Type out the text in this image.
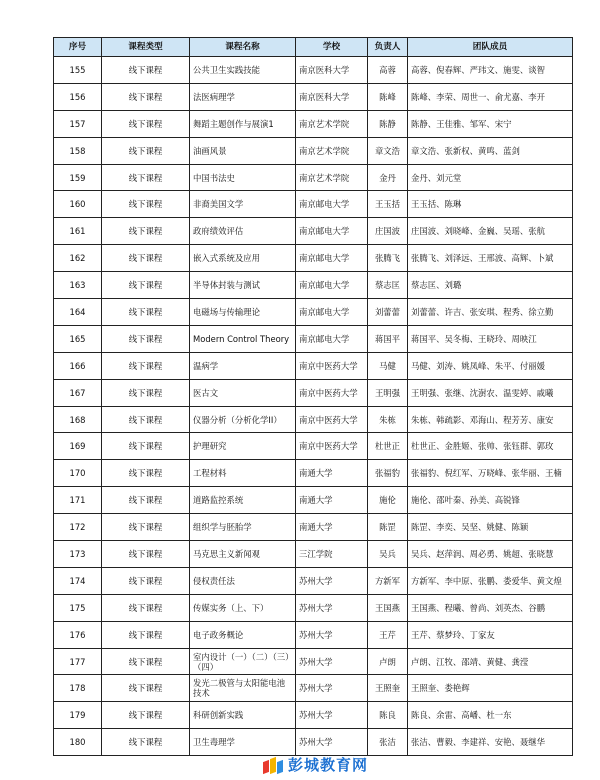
序号	课程类型	课程名称	学校	负责人	团队成员
155	线下课程	公共卫生实践技能	南京医科大学	高蓉	高蓉、倪春辉、严玮文、施雯、谈智
156	线下课程	法医病理学	南京医科大学	陈峰	陈峰、李荣、周世一、俞尤嘉、李开
157	线下课程	舞蹈主题创作与展演1	南京艺术学院	陈静	陈静、王佳雅、邹军、宋宁
158	线下课程	油画风景	南京艺术学院	章文浩	章文浩、张新权、黄鸣、蓝剑
159	线下课程	中国书法史	南京艺术学院	金丹	金丹、刘元堂
160	线下课程	非裔美国文学	南京邮电大学	王玉括	王玉括、陈琳
161	线下课程	政府绩效评估	南京邮电大学	庄国波	庄国波、刘晓峰、金巍、吴瑶、张航
162	线下课程	嵌入式系统及应用	南京邮电大学	张腾飞	张腾飞、刘泽远、王邢波、高辉、卜斌
163	线下课程	半导体封装与测试	南京邮电大学	蔡志匡	蔡志匡、刘璐
164	线下课程	电磁场与传输理论	南京邮电大学	刘蕾蕾	刘蕾蕾、许吉、张安琪、程秀、徐立勤
165	线下课程	Modern Control Theory	南京邮电大学	蒋国平	蒋国平、吴冬梅、王晓玲、周映江
166	线下课程	温病学	南京中医药大学	马健	马健、刘涛、姚凤峰、朱平、付丽媛
167	线下课程	医古文	南京中医药大学	王明强	王明强、张继、沈澍农、温雯婷、戚曦
168	线下课程	仪器分析（分析化学II）	南京中医药大学	朱栋	朱栋、韩疏影、邓海山、程芳芳、康安
169	线下课程	护理研究	南京中医药大学	杜世正	杜世正、金胜姬、张帅、张钰群、郭玫
170	线下课程	工程材料	南通大学	张福豹	张福豹、倪红军、万晓峰、张华丽、王楠
171	线下课程	道路监控系统	南通大学	施伦	施伦、邵叶秦、孙美、高锐锋
172	线下课程	组织学与胚胎学	南通大学	陈罡	陈罡、李奕、吴坚、姚健、陈颖
173	线下课程	马克思主义新闻观	三江学院	吴兵	吴兵、赵萍润、周必勇、姚超、张晓慧
174	线下课程	侵权责任法	苏州大学	方新军	方新军、李中原、张鹏、娄爱华、黄文煌
175	线下课程	传媒实务（上、下）	苏州大学	王国燕	王国燕、程曦、曾尚、刘英杰、谷鹏
176	线下课程	电子政务概论	苏州大学	王芹	王芹、蔡梦玲、丁家友
177	线下课程	室内设计（一）（二）（三）（四）	苏州大学	卢朗	卢朗、江牧、邵靖、黄健、龚滢
178	线下课程	发光二极管与太阳能电池技术	苏州大学	王照奎	王照奎、娄艳辉
179	线下课程	科研创新实践	苏州大学	陈良	陈良、余雷、高嶓、杜一东
180	线下课程	卫生毒理学	苏州大学	张洁	张洁、曹毅、李建祥、安艳、聂继华
彭城教育网
